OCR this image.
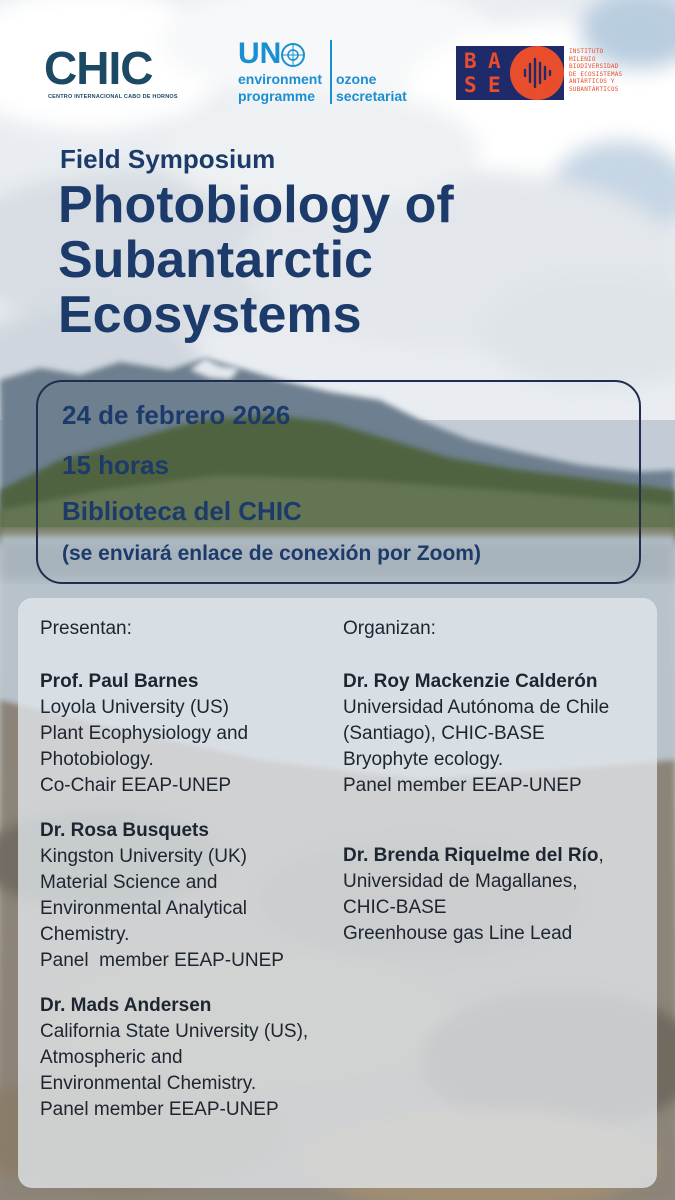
CHIC
CENTRO INTERNACIONAL CABO DE HORNOS
UN
environment
programme
ozone
secretariat
B A
S E
INSTITUTO
MILENIO
BIODIVERSIDAD
DE ECOSISTEMAS
ANTÁRTICOS Y
SUBANTÁRTICOS
Field Symposium
Photobiology of
Subantarctic
Ecosystems
24 de febrero 2026
15 horas
Biblioteca del CHIC
(se enviará enlace de conexión por Zoom)

Presentan:

Prof. Paul Barnes
Loyola University (US)
Plant Ecophysiology and
Photobiology.
Co-Chair EEAP-UNEP

Dr. Rosa Busquets
Kingston University (UK)
Material Science and
Environmental Analytical
Chemistry.
Panel  member EEAP-UNEP

Dr. Mads Andersen
California State University (US),
Atmospheric and
Environmental Chemistry.
Panel member EEAP-UNEP

Organizan:

Dr. Roy Mackenzie Calderón
Universidad Autónoma de Chile
(Santiago), CHIC-BASE
Bryophyte ecology.
Panel member EEAP-UNEP

Dr. Brenda Riquelme del Río,
Universidad de Magallanes,
CHIC-BASE
Greenhouse gas Line Lead
